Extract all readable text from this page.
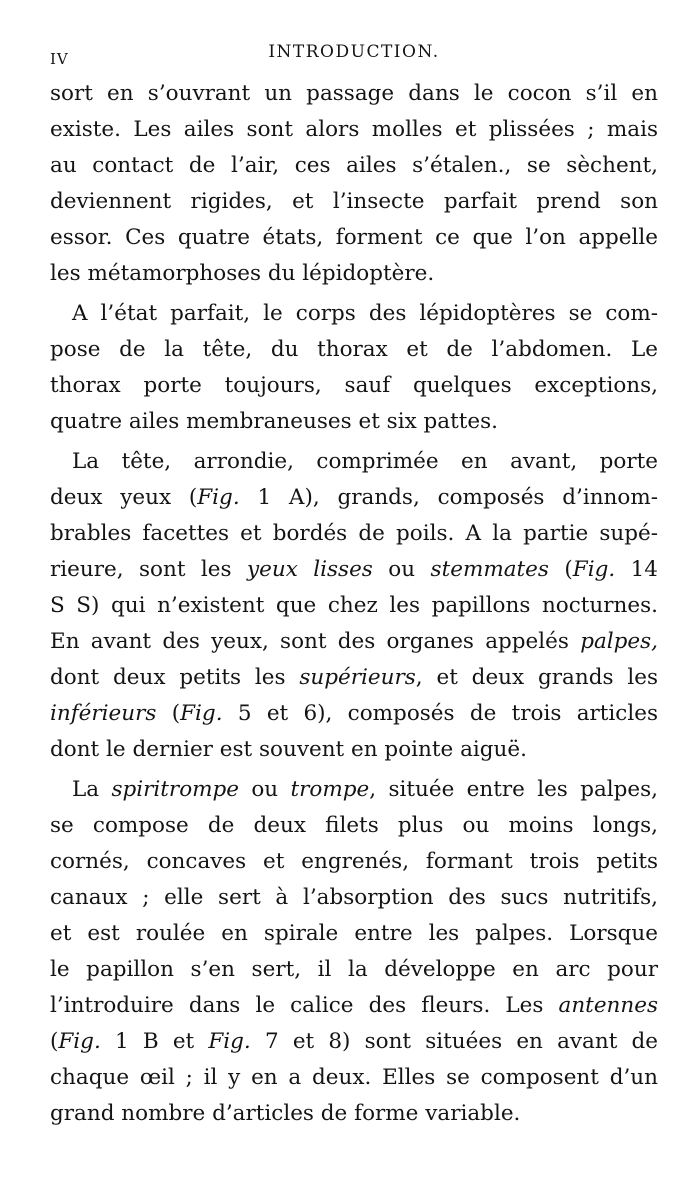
IV	INTRODUCTION.
sort en s’ouvrant un passage dans le cocon s’il en
existe. Les ailes sont alors molles et plissées ; mais
au contact de l’air, ces ailes s’étalen., se sèchent,
deviennent rigides, et l’insecte parfait prend son
essor. Ces quatre états, forment ce que l’on appelle
les métamorphoses du lépidoptère.
A l’état parfait, le corps des lépidoptères se com-
pose de la tête, du thorax et de l’abdomen. Le
thorax porte toujours, sauf quelques exceptions,
quatre ailes membraneuses et six pattes.
La tête, arrondie, comprimée en avant, porte
deux yeux (Fig. 1 A), grands, composés d’innom-
brables facettes et bordés de poils. A la partie supé-
rieure, sont les yeux lisses ou stemmates (Fig. 14
S S) qui n’existent que chez les papillons nocturnes.
En avant des yeux, sont des organes appelés palpes,
dont deux petits les supérieurs, et deux grands les
inférieurs (Fig. 5 et 6), composés de trois articles
dont le dernier est souvent en pointe aiguë.
La spiritrompe ou trompe, située entre les palpes,
se compose de deux filets plus ou moins longs,
cornés, concaves et engrenés, formant trois petits
canaux ; elle sert à l’absorption des sucs nutritifs,
et est roulée en spirale entre les palpes. Lorsque
le papillon s’en sert, il la développe en arc pour
l’introduire dans le calice des fleurs. Les antennes
(Fig. 1 B et Fig. 7 et 8) sont situées en avant de
chaque œil ; il y en a deux. Elles se composent d’un
grand nombre d’articles de forme variable.
